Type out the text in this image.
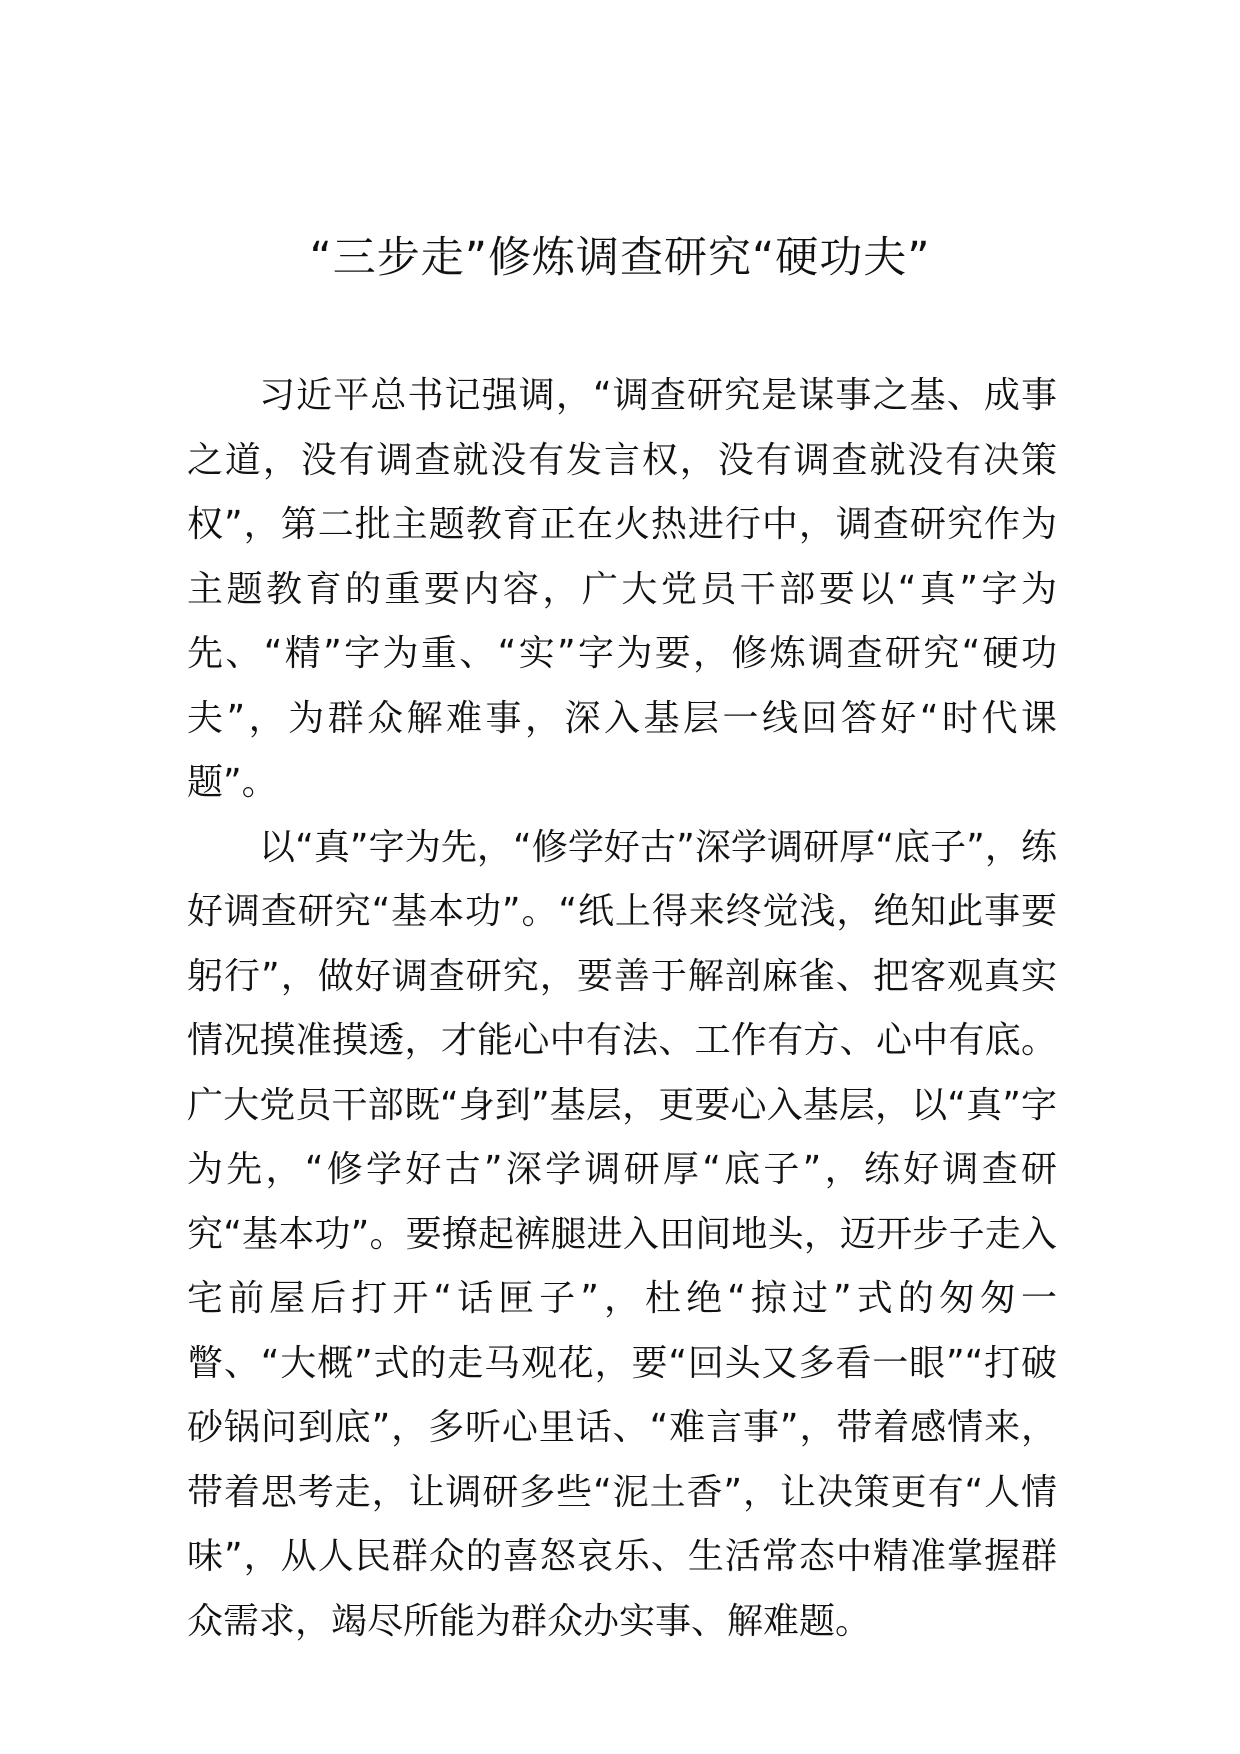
“三步走”修炼调查研究“硬功夫”

习近平总书记强调，“调查研究是谋事之基、成事之道，没有调查就没有发言权，没有调查就没有决策权”，第二批主题教育正在火热进行中，调查研究作为主题教育的重要内容，广大党员干部要以“真”字为先、“精”字为重、“实”字为要，修炼调查研究“硬功夫”，为群众解难事，深入基层一线回答好“时代课题”。

以“真”字为先，“修学好古”深学调研厚“底子”，练好调查研究“基本功”。“纸上得来终觉浅，绝知此事要躬行”，做好调查研究，要善于解剖麻雀、把客观真实情况摸准摸透，才能心中有法、工作有方、心中有底。广大党员干部既“身到”基层，更要心入基层，以“真”字为先，“修学好古”深学调研厚“底子”，练好调查研究“基本功”。要撩起裤腿进入田间地头，迈开步子走入宅前屋后打开“话匣子”，杜绝“掠过”式的匆匆一瞥、“大概”式的走马观花，要“回头又多看一眼”“打破砂锅问到底”，多听心里话、“难言事”，带着感情来，带着思考走，让调研多些“泥土香”，让决策更有“人情味”，从人民群众的喜怒哀乐、生活常态中精准掌握群众需求，竭尽所能为群众办实事、解难题。
